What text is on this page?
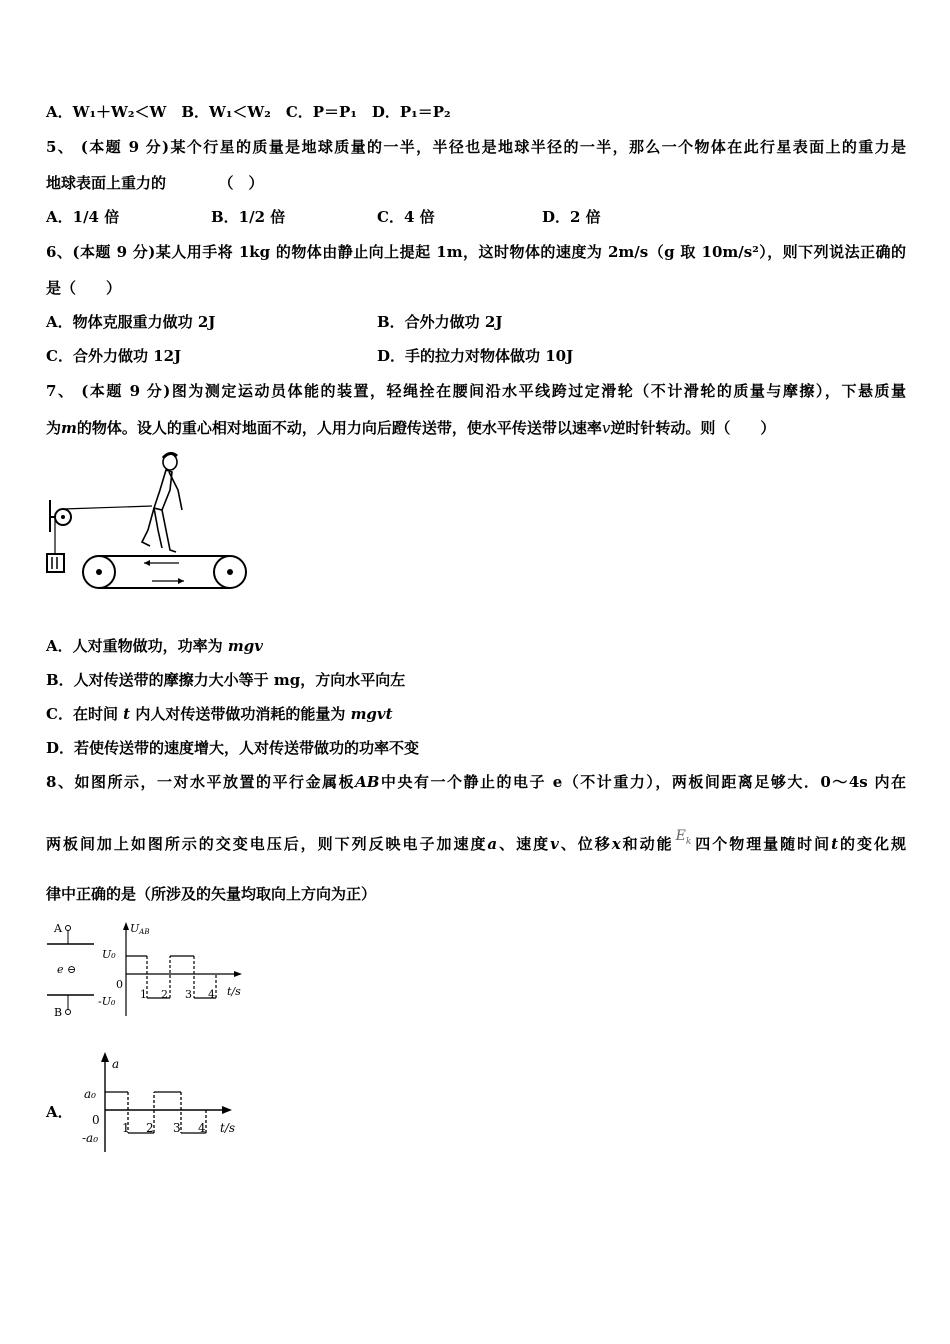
A．W₁＋W₂＜W　B．W₁＜W₂　C．P＝P₁　D．P₁＝P₂
5、 (本题 9 分)某个行星的质量是地球质量的一半，半径也是地球半径的一半，那么一个物体在此行星表面上的重力是
地球表面上重力的　　　　（　）
A．1/4 倍	B．1/2 倍	C．4 倍	D．2 倍
6、(本题 9 分)某人用手将 1kg 的物体由静止向上提起 1m，这时物体的速度为 2m/s（g 取 10m/s²），则下列说法正确的
是（　　）
A．物体克服重力做功 2J	B．合外力做功 2J
C．合外力做功 12J	D．手的拉力对物体做功 10J
7、 (本题 9 分)图为测定运动员体能的装置，轻绳拴在腰间沿水平线跨过定滑轮（不计滑轮的质量与摩擦），下悬质量
为m的物体。设人的重心相对地面不动，人用力向后蹬传送带，使水平传送带以速率v逆时针转动。则（　　）
A．人对重物做功，功率为 mgv
B．人对传送带的摩擦力大小等于 mg，方向水平向左
C．在时间 t 内人对传送带做功消耗的能量为 mgvt
D．若使传送带的速度增大，人对传送带做功的功率不变
8、如图所示，一对水平放置的平行金属板AB中央有一个静止的电子 e（不计重力），两板间距离足够大．0～4s 内在
两板间加上如图所示的交变电压后，则下列反映电子加速度a、速度v、位移x和动能 $E_k$ 四个物理量随时间t的变化规
律中正确的是（所涉及的矢量均取向上方向为正）
A
e ⊖
B
UAB
U₀
0
-U₀
t/s
1 2 3 4
A．
a
a₀
0
-a₀
t/s
1 2 3 4
